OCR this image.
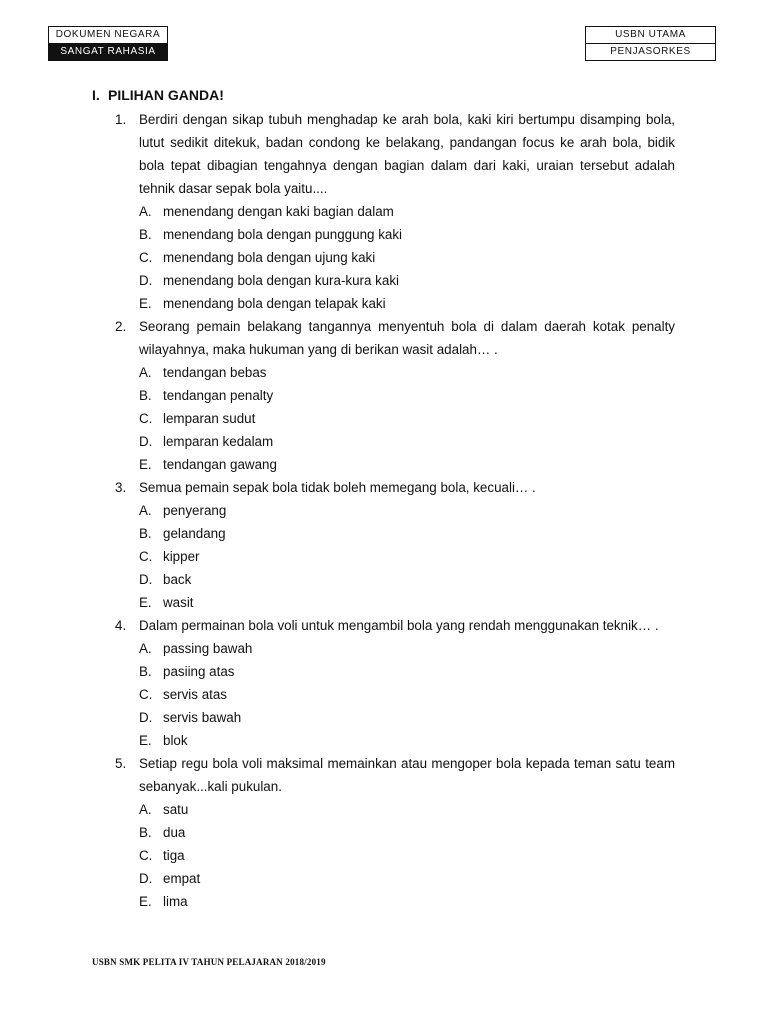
DOKUMEN NEGARA
SANGAT RAHASIA
USBN UTAMA
PENJASORKES
I. PILIHAN GANDA!
1. Berdiri dengan sikap tubuh menghadap ke arah bola, kaki kiri bertumpu disamping bola, lutut sedikit ditekuk, badan condong ke belakang, pandangan focus ke arah bola, bidik bola tepat dibagian tengahnya dengan bagian dalam dari kaki, uraian tersebut adalah tehnik dasar sepak bola yaitu....

A. menendang dengan kaki bagian dalam
B. menendang bola dengan punggung kaki
C. menendang bola dengan ujung kaki
D. menendang bola dengan kura-kura kaki
E. menendang bola dengan telapak kaki
2. Seorang pemain belakang tangannya menyentuh bola di dalam daerah kotak penalty wilayahnya, maka hukuman yang di berikan wasit adalah… .

A. tendangan bebas
B. tendangan penalty
C. lemparan sudut
D. lemparan kedalam
E. tendangan gawang
3. Semua pemain sepak bola tidak boleh memegang bola, kecuali… .

A. penyerang
B. gelandang
C. kipper
D. back
E. wasit
4. Dalam permainan bola voli untuk mengambil bola yang rendah menggunakan teknik… .

A. passing bawah
B. pasiing atas
C. servis atas
D. servis bawah
E. blok
5. Setiap regu bola voli maksimal memainkan atau mengoper bola kepada teman satu team sebanyak...kali pukulan.

A. satu
B. dua
C. tiga
D. empat
E. lima
USBN SMK PELITA IV TAHUN PELAJARAN 2018/2019
